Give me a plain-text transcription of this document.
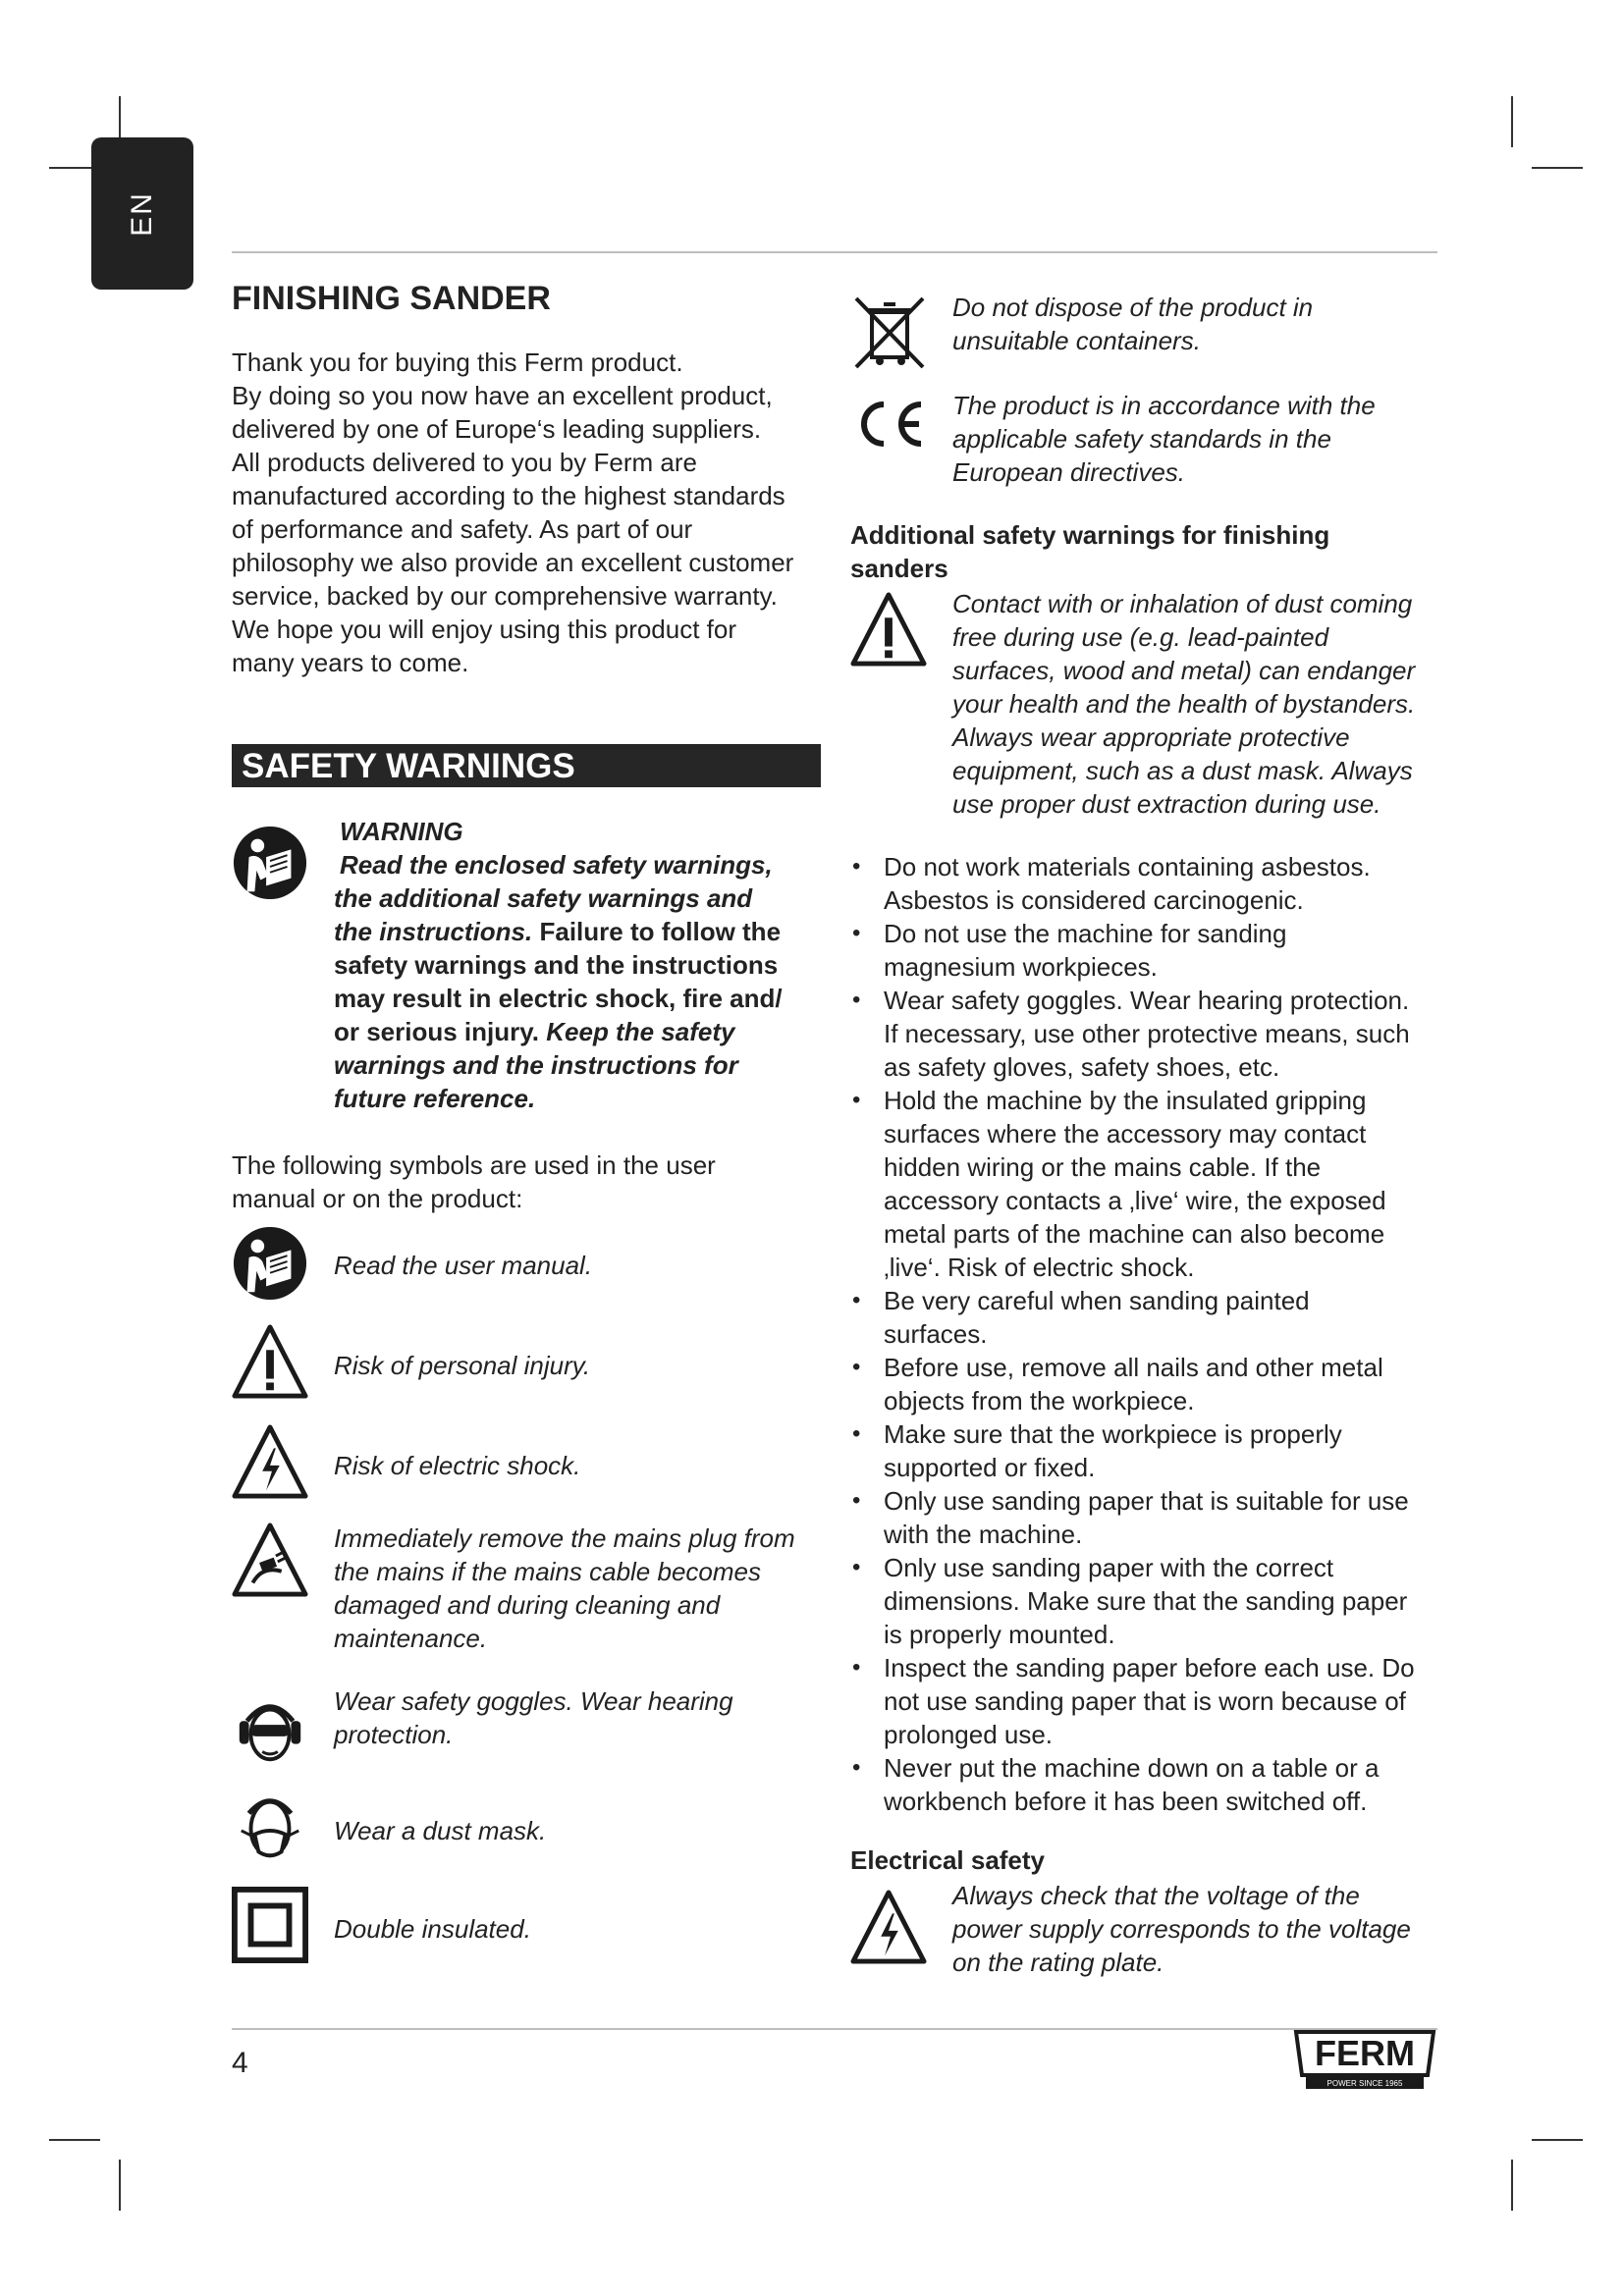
EN
FINISHING SANDER

Thank you for buying this Ferm product.

By doing so you now have an excellent product,

delivered by one of Europe‘s leading suppliers.

All products delivered to you by Ferm are

manufactured according to the highest standards

of performance and safety. As part of our

philosophy we also provide an excellent customer

service, backed by our comprehensive warranty.

We hope you will enjoy using this product for

many years to come.

SAFETY WARNINGS
WARNING
Read the enclosed safety warnings,
the additional safety warnings and
the instructions. Failure to follow the
safety warnings and the instructions
may result in electric shock, fire and/
or serious injury. Keep the safety
warnings and the instructions for
future reference.

The following symbols are used in the user

manual or on the product:

Read the user manual.
Risk of personal injury.
Risk of electric shock.
Immediately remove the mains plug from
the mains if the mains cable becomes
damaged and during cleaning and
maintenance.
Wear safety goggles. Wear hearing
protection.
Wear a dust mask.
Double insulated.
Do not dispose of the product in
unsuitable containers.
The product is in accordance with the
applicable safety standards in the
European directives.
Additional safety warnings for finishing
sanders
Contact with or inhalation of dust coming
free during use (e.g. lead-painted
surfaces, wood and metal) can endanger
your health and the health of bystanders.
Always wear appropriate protective
equipment, such as a dust mask. Always
use proper dust extraction during use.
• Do not work materials containing asbestos.
Asbestos is considered carcinogenic.
• Do not use the machine for sanding
magnesium workpieces.
• Wear safety goggles. Wear hearing protection.
If necessary, use other protective means, such
as safety gloves, safety shoes, etc.
• Hold the machine by the insulated gripping
surfaces where the accessory may contact
hidden wiring or the mains cable. If the
accessory contacts a ‚live‘ wire, the exposed
metal parts of the machine can also become
‚live‘. Risk of electric shock.
• Be very careful when sanding painted
surfaces.
• Before use, remove all nails and other metal
objects from the workpiece.
• Make sure that the workpiece is properly
supported or fixed.
• Only use sanding paper that is suitable for use
with the machine.
• Only use sanding paper with the correct
dimensions. Make sure that the sanding paper
is properly mounted.
• Inspect the sanding paper before each use. Do
not use sanding paper that is worn because of
prolonged use.
• Never put the machine down on a table or a
workbench before it has been switched off.
Electrical safety
Always check that the voltage of the
power supply corresponds to the voltage
on the rating plate.
4	FERM
POWER SINCE 1965
